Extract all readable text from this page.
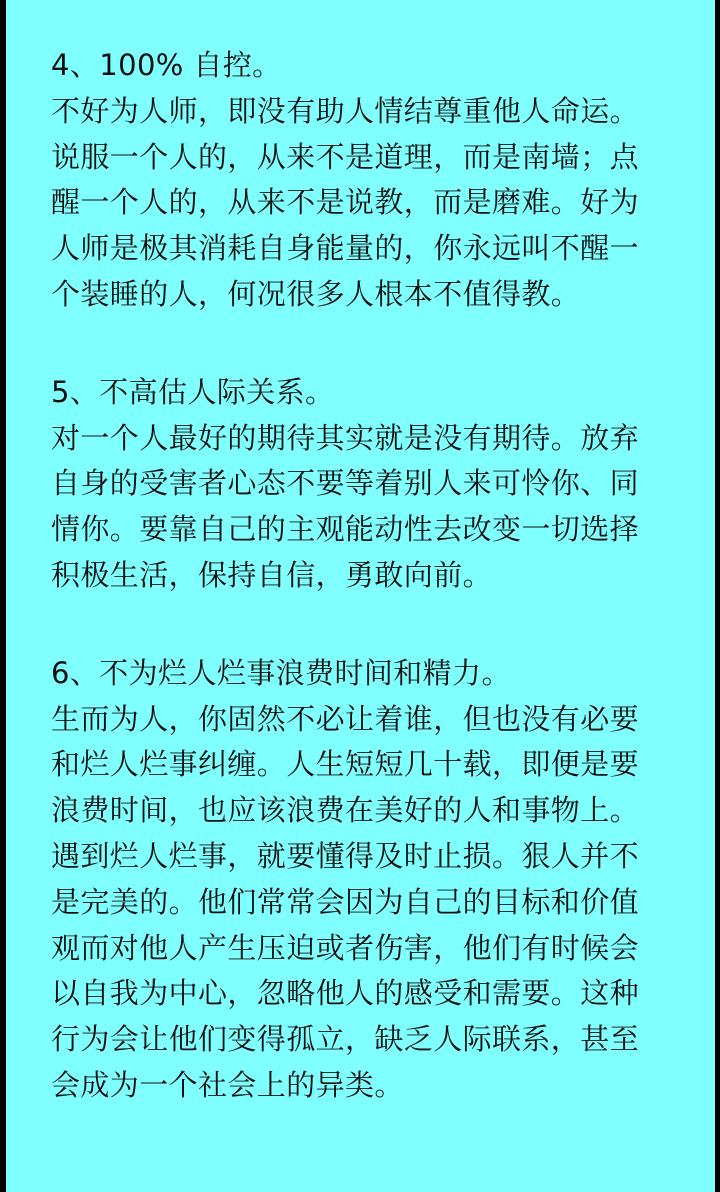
4、100% 自控。
不好为人师，即没有助人情结尊重他人命运。
说服一个人的，从来不是道理，而是南墙；点
醒一个人的，从来不是说教，而是磨难。好为
人师是极其消耗自身能量的，你永远叫不醒一
个装睡的人，何况很多人根本不值得教。
5、不高估人际关系。
对一个人最好的期待其实就是没有期待。放弃
自身的受害者心态不要等着别人来可怜你、同
情你。要靠自己的主观能动性去改变一切选择
积极生活，保持自信，勇敢向前。
6、不为烂人烂事浪费时间和精力。
生而为人，你固然不必让着谁，但也没有必要
和烂人烂事纠缠。人生短短几十载，即便是要
浪费时间，也应该浪费在美好的人和事物上。
遇到烂人烂事，就要懂得及时止损。狠人并不
是完美的。他们常常会因为自己的目标和价值
观而对他人产生压迫或者伤害，他们有时候会
以自我为中心，忽略他人的感受和需要。这种
行为会让他们变得孤立，缺乏人际联系，甚至
会成为一个社会上的异类。
